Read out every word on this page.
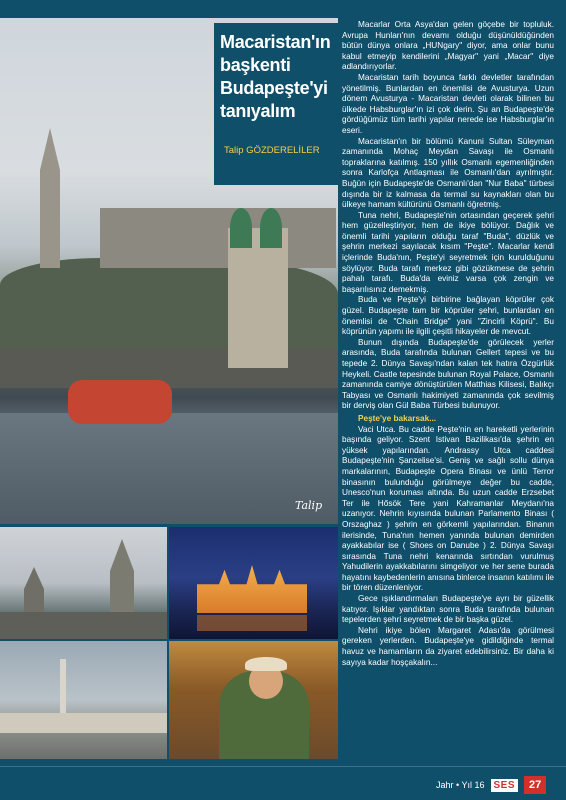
Macaristan'ın başkenti Budapeşte'yi tanıyalım
Talip GÖZDERELİLER
Talip

Macarlar Orta Asya'dan gelen göçebe bir topluluk. Avrupa Hunları'nın devamı olduğu düşünüldüğünden bütün dünya onlara „HUNgary" diyor, ama onlar bunu kabul etmeyip kendilerini „Magyar" yani „Macar" diye adlandırıyorlar.

Macaristan tarih boyunca farklı devletler tarafından yönetilmiş. Bunlardan en önemlisi de Avusturya. Uzun dönem Avusturya - Macaristan devleti olarak bilinen bu ülkede Habsburglar'ın izi çok derin. Şu an Budapeşte'de gördüğümüz tüm tarihi yapılar nerede ise Habsburglar'ın eseri.

Macaristan'ın bir bölümü Kanuni Sultan Süleyman zamanında Mohaç Meydan Savaşı ile Osmanlı topraklarına katılmış. 150 yıllık Osmanlı egemenliğinden sonra Karlofça Antlaşması ile Osmanlı'dan ayrılmıştır. Buğün için Budapeşte'de Osmanlı'dan "Nur Baba" türbesi dışında bir iz kalmasa da termal su kaynakları olan bu ülkeye hamam kültürünü Osmanlı öğretmiş.

Tuna nehri, Budapeşte'nin ortasından geçerek şehri hem güzelleştiriyor, hem de ikiye bölüyor. Dağlık ve önemli tarihi yapıların olduğu taraf "Buda", düzlük ve şehrin merkezi sayılacak kısım "Peşte". Macarlar kendi içlerinde Buda'nın, Peşte'yi seyretmek için kurulduğunu söylüyor. Buda tarafı merkez gibi gözükmese de şehrin pahalı tarafı. Buda'da eviniz varsa çok zengin ve başarılısınız demekmiş.

Buda ve Peşte'yi birbirine bağlayan köprüler çok güzel. Budapeşte tam bir köprüler şehri, bunlardan en önemlisi de "Chain Bridge" yani "Zincirli Köprü". Bu köprünün yapımı ile ilgili çeşitli hikayeler de mevcut.

Bunun dışında Budapeşte'de görülecek yerler arasında, Buda tarafında bulunan Gellert tepesi ve bu tepede 2. Dünya Savaşı'ndan kalan tek hatıra Özgürlük Heykeli. Castle tepesinde bulunan Royal Palace, Osmanlı zamanında camiye dönüştürülen Matthias Kilisesi, Balıkçı Tabyası ve Osmanlı hakimiyeti zamanında çok sevilmiş bir derviş olan Gül Baba Türbesi bulunuyor.

Peşte'ye bakarsak...

Vaci Utca. Bu cadde Peşte'nin en hareketli yerlerinin başında geliyor. Szent Istivan Bazilikası'da şehrin en yüksek yapılarından. Andrassy Utca caddesi Budapeşte'nin Şanzelise'si. Geniş ve sağlı sollu dünya markalarının, Budapeşte Opera Binası ve ünlü Terror binasının bulunduğu görülmeye değer bu cadde, Unesco'nun koruması altında. Bu uzun cadde Erzsebet Ter ile Hősök Tere yani Kahramanlar Meydanı'na uzanıyor. Nehrin kıyısında bulunan Parlamento Binası ( Orszaghaz ) şehrin en görkemli yapılarından. Binanın ilerisinde, Tuna'nın hemen yanında bulunan demirden ayakkabılar ise ( Shoes on Danube ) 2. Dünya Savaşı sırasında Tuna nehri kenarında sırtından vurulmuş Yahudilerin ayakkabılarını simgeliyor ve her sene burada hayatını kaybedenlerin anısına binlerce insanın katılımı ile bir tören düzenleniyor.

Gece ışıklandırmaları Budapeşte'ye ayrı bir güzellik katıyor. Işıklar yandıktan sonra Buda tarafında bulunan tepelerden şehri seyretmek de bir başka güzel.

Nehri ikiye bölen Margaret Adası'da görülmesi gereken yerlerden. Budapeşte'ye gidildiğinde termal havuz ve hamamların da ziyaret edebilirsiniz. Bir daha ki sayıya kadar hoşçakalın...

Jahr • Yıl 16 SES	27
